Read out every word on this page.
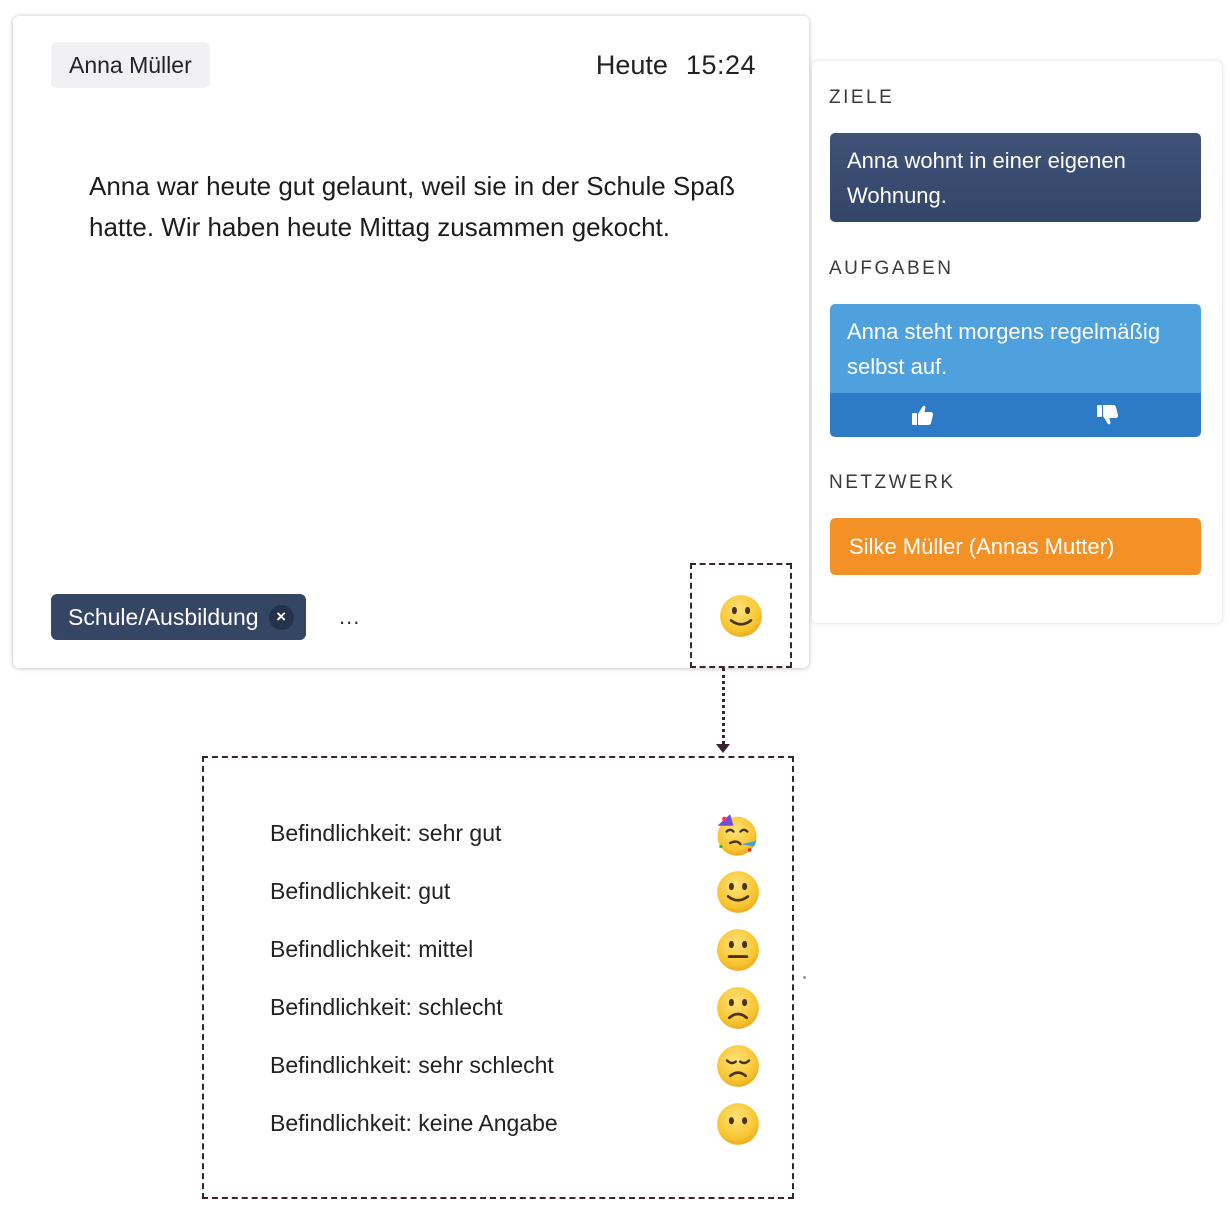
Anna Müller	Heute 15:24
Anna war heute gut gelaunt, weil sie in der Schule Spaß hatte. Wir haben heute Mittag zusammen gekocht.
Schule/Ausbildung	×	...
ZIELE
Anna wohnt in einer eigenen Wohnung.
AUFGABEN
Anna steht morgens regelmäßig selbst auf.
NETZWERK
Silke Müller (Annas Mutter)
Befindlichkeit: sehr gut
Befindlichkeit: gut
Befindlichkeit: mittel
Befindlichkeit: schlecht
Befindlichkeit: sehr schlecht
Befindlichkeit: keine Angabe
